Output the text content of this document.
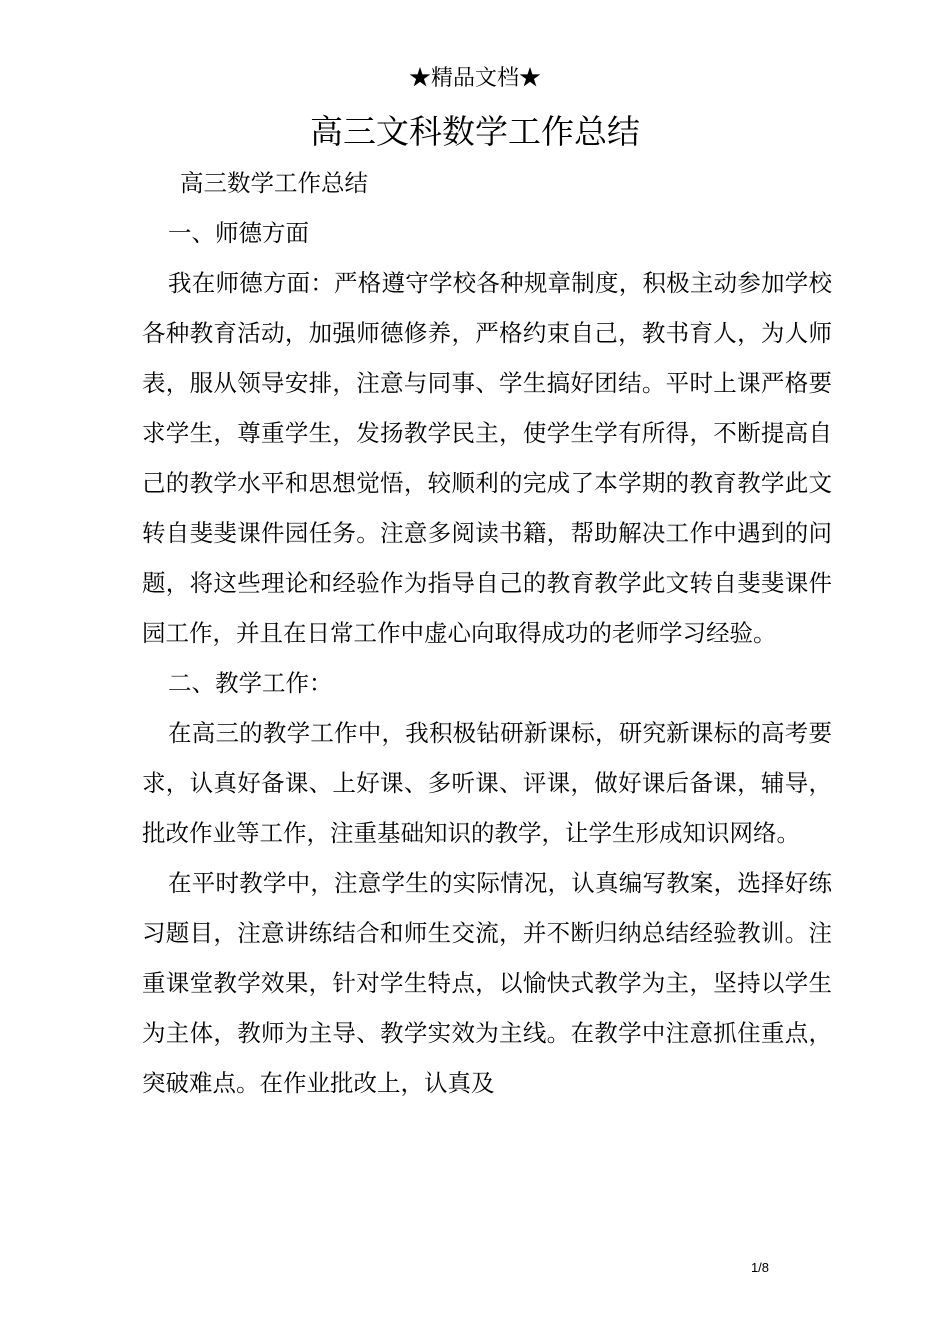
★精品文档★
高三文科数学工作总结

高三数学工作总结

一、师德方面

我在师德方面：严格遵守学校各种规章制度，积极主动参加学校各种教育活动，加强师德修养，严格约束自己，教书育人，为人师表，服从领导安排，注意与同事、学生搞好团结。平时上课严格要求学生，尊重学生，发扬教学民主，使学生学有所得，不断提高自己的教学水平和思想觉悟，较顺利的完成了本学期的教育教学此文转自斐斐课件园任务。注意多阅读书籍，帮助解决工作中遇到的问题，将这些理论和经验作为指导自己的教育教学此文转自斐斐课件园工作，并且在日常工作中虚心向取得成功的老师学习经验。

二、教学工作：

在高三的教学工作中，我积极钻研新课标，研究新课标的高考要求，认真好备课、上好课、多听课、评课，做好课后备课，辅导，批改作业等工作，注重基础知识的教学，让学生形成知识网络。

在平时教学中，注意学生的实际情况，认真编写教案，选择好练习题目，注意讲练结合和师生交流，并不断归纳总结经验教训。注重课堂教学效果，针对学生特点，以愉快式教学为主，坚持以学生为主体，教师为主导、教学实效为主线。在教学中注意抓住重点，突破难点。在作业批改上，认真及

1/8
